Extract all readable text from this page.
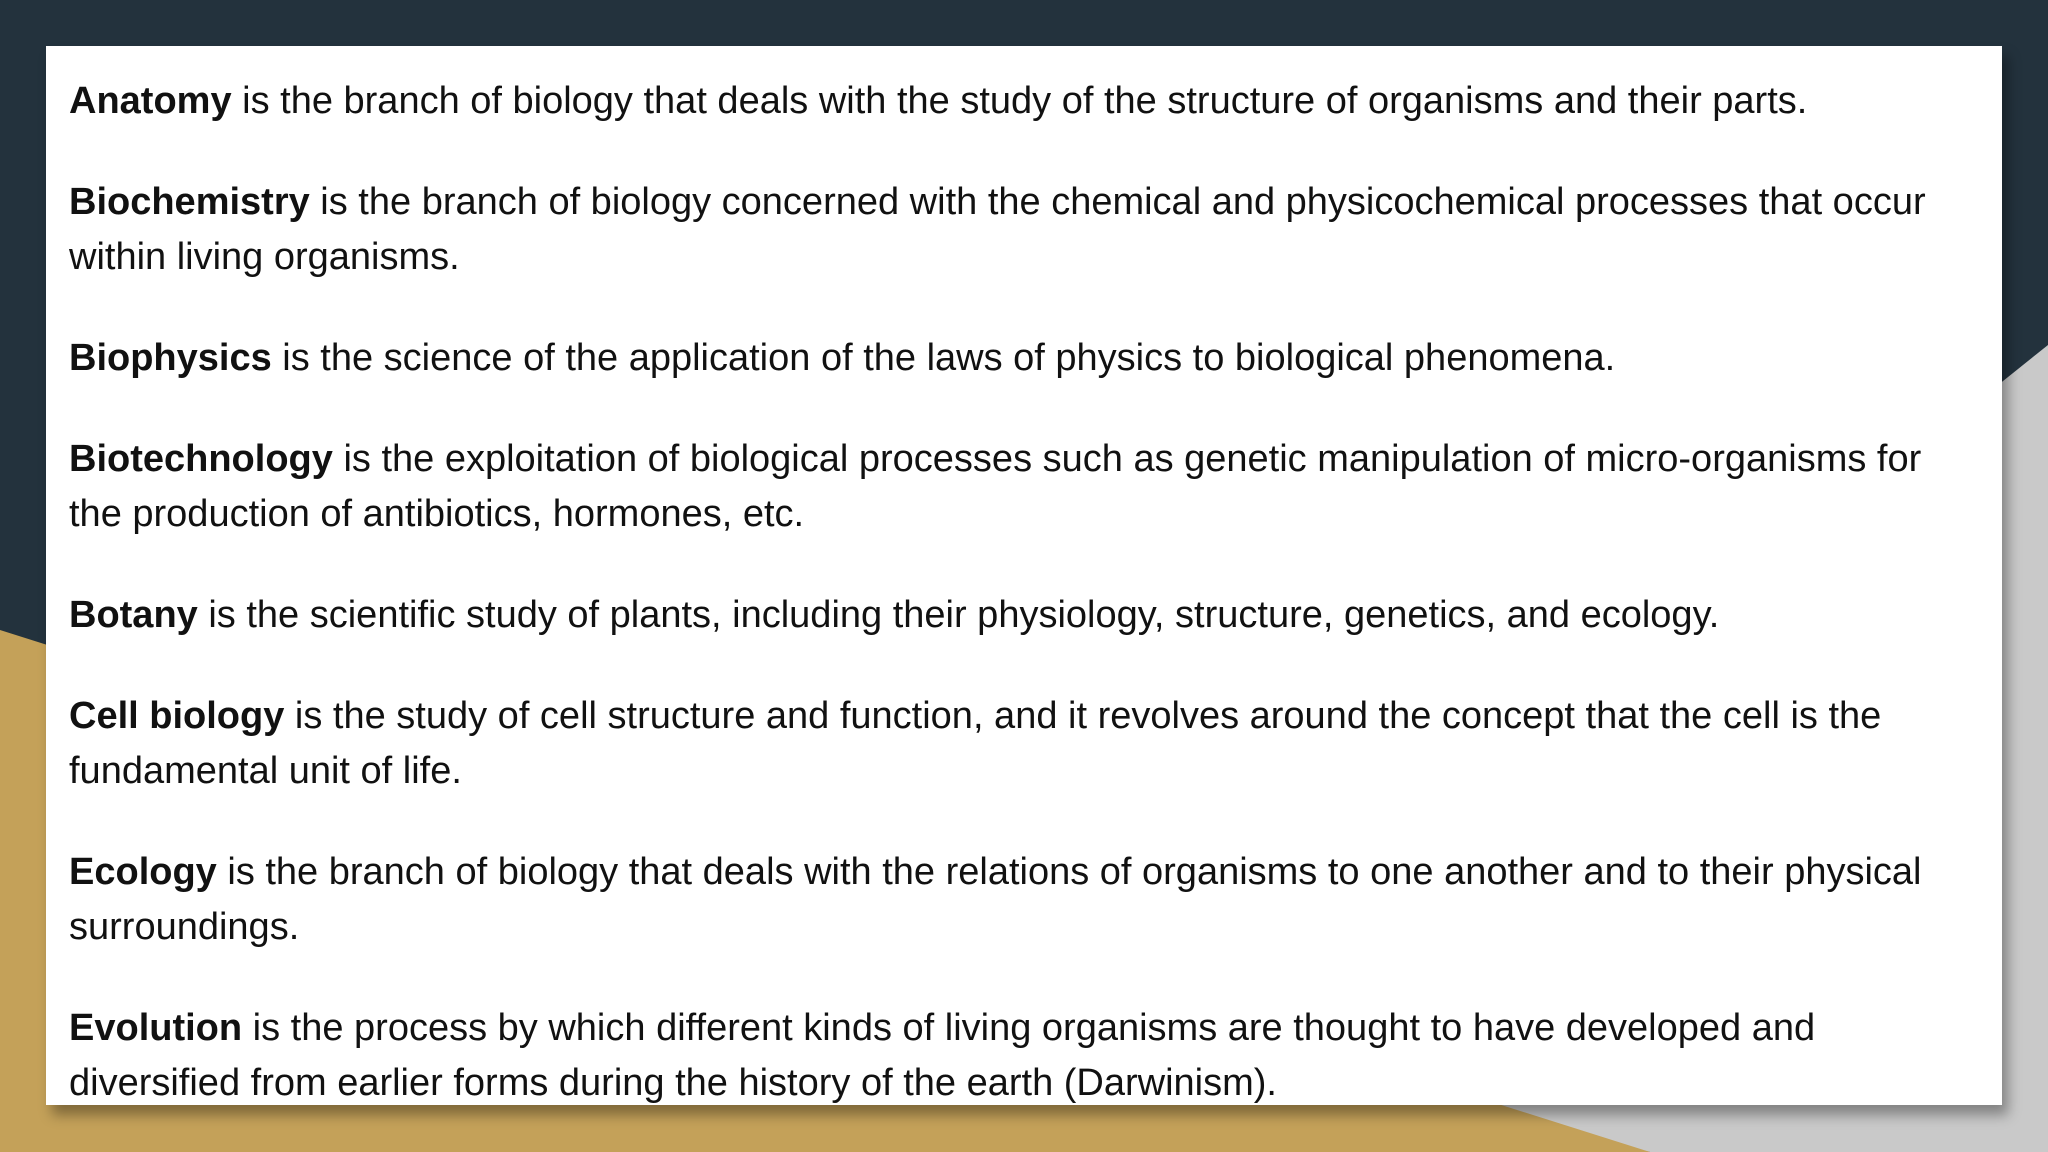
Anatomy is the branch of biology that deals with the study of the structure of organisms and their parts.

Biochemistry is the branch of biology concerned with the chemical and physicochemical processes that occur within living organisms.

Biophysics is the science of the application of the laws of physics to biological phenomena.

Biotechnology is the exploitation of biological processes such as genetic manipulation of micro-organisms for the production of antibiotics, hormones, etc.

Botany is the scientific study of plants, including their physiology, structure, genetics, and ecology.

Cell biology is the study of cell structure and function, and it revolves around the concept that the cell is the fundamental unit of life.

Ecology is the branch of biology that deals with the relations of organisms to one another and to their physical surroundings.

Evolution is the process by which different kinds of living organisms are thought to have developed and diversified from earlier forms during the history of the earth (Darwinism).
